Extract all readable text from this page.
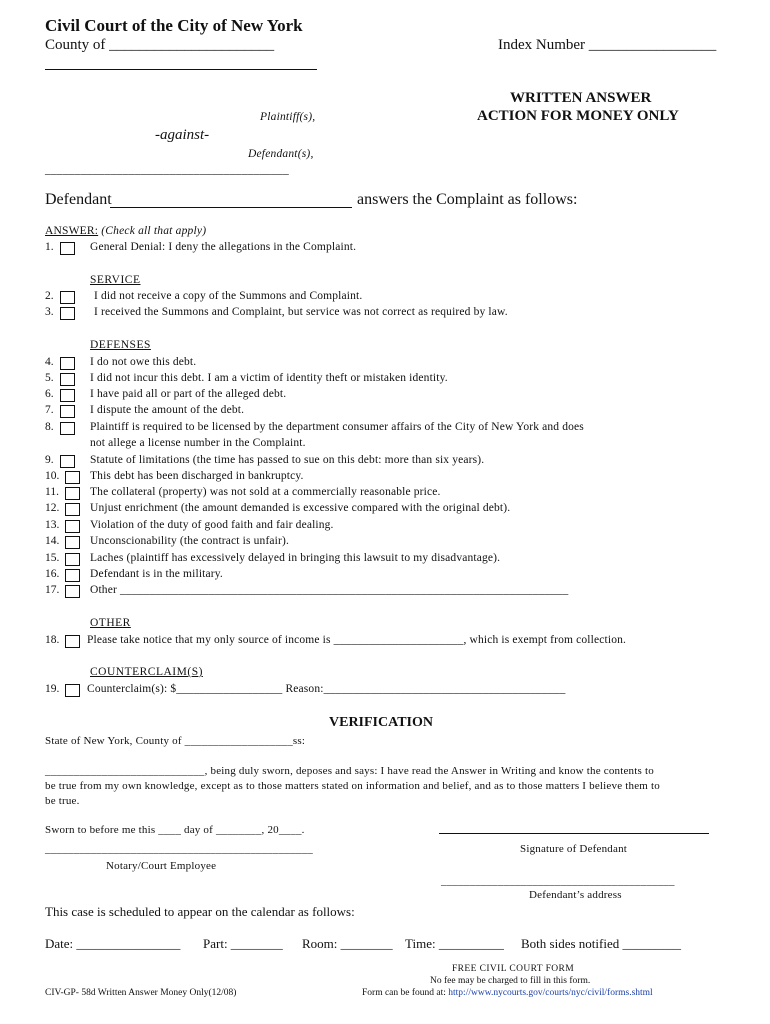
Civil Court of the City of New York
County of ______________________	Index Number _________________
WRITTEN ANSWER
ACTION FOR MONEY ONLY
Plaintiff(s),
-against-
Defendant(s),
_________________________________________
Defendant	answers the Complaint as follows:
ANSWER: (Check all that apply)
1.	General Denial: I deny the allegations in the Complaint.
SERVICE
2.	I did not receive a copy of the Summons and Complaint.
3.	I received the Summons and Complaint, but service was not correct as required by law.
DEFENSES
4.	I do not owe this debt.
5.	I did not incur this debt. I am a victim of identity theft or mistaken identity.
6.	I have paid all or part of the alleged debt.
7.	I dispute the amount of the debt.
8.	Plaintiff is required to be licensed by the department consumer affairs of the City of New York and does
not allege a license number in the Complaint.
9.	Statute of limitations (the time has passed to sue on this debt: more than six years).
10.	This debt has been discharged in bankruptcy.
11.	The collateral (property) was not sold at a commercially reasonable price.
12.	Unjust enrichment (the amount demanded is excessive compared with the original debt).
13.	Violation of the duty of good faith and fair dealing.
14.	Unconscionability (the contract is unfair).
15.	Laches (plaintiff has excessively delayed in bringing this lawsuit to my disadvantage).
16.	Defendant is in the military.
17.	Other ____________________________________________________________________________
OTHER
18. Please take notice that my only source of income is ______________________, which is exempt from collection.
COUNTERCLAIM(S)
19. Counterclaim(s): $__________________ Reason:_________________________________________
VERIFICATION
State of New York, County of ___________________ss:
____________________________, being duly sworn, deposes and says: I have read the Answer in Writing and know the contents to
be true from my own knowledge, except as to those matters stated on information and belief, and as to those matters I believe them to
be true.
Sworn to before me this ____ day of ________, 20____.
Signature of Defendant
_______________________________________________
Notary/Court Employee
_________________________________________
Defendant’s address
This case is scheduled to appear on the calendar as follows:
Date: ________________ Part: ________ Room: ________ Time: __________ Both sides notified _________
FREE CIVIL COURT FORM
No fee may be charged to fill in this form.
Form can be found at: http://www.nycourts.gov/courts/nyc/civil/forms.shtml
CIV-GP- 58d Written Answer Money Only(12/08)
